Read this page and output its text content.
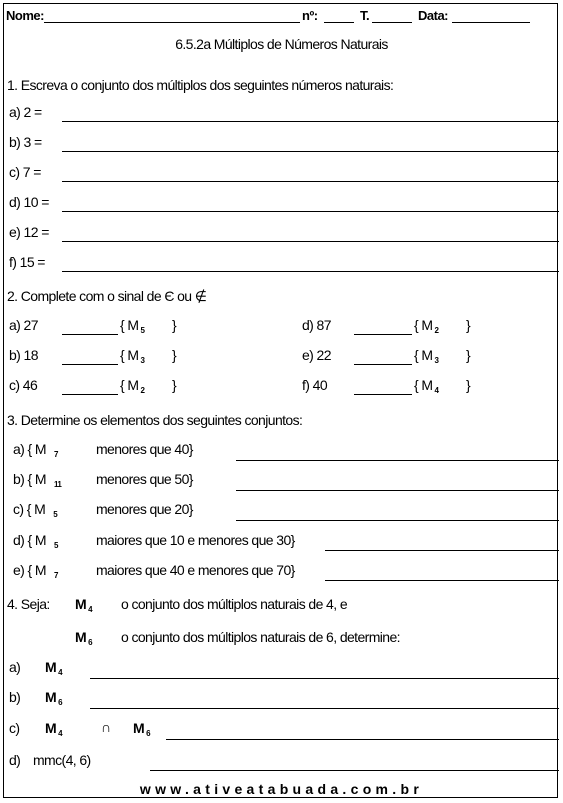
Nome:	nº:	T.	Data:
6.5.2a Múltiplos de Números Naturais
1. Escreva o conjunto dos múltiplos dos seguintes números naturais:
a) 2 =
b) 3 =
c) 7 =
d) 10 =
e) 12 =
f) 15 =
2. Complete com o sinal de Є ou ∉
a) 27	{ M $_5$ }
b) 18	{ M $_3$ }
c) 46	{ M $_2$ }
d) 87	{ M $_2$ }
e) 22	{ M $_3$ }
f) 40	{ M $_4$ }
3. Determine os elementos dos seguintes conjuntos:
a) { M $_7$	menores que 40}
b) { M $_{11}$ menores que 50}
c) { M $_5$	menores que 20}
d) { M $_5$	maiores que 10 e menores que 30}
e) { M $_7$	maiores que 40 e menores que 70}
4. Seja: M $_4$ o conjunto dos múltiplos naturais de 4, e
M $_6$ o conjunto dos múltiplos naturais de 6, determine:
a) M $_4$
b) M $_6$
c) M $_4$	∩ M $_6$
d) mmc(4, 6)
www.ativeatabuada.com.br
